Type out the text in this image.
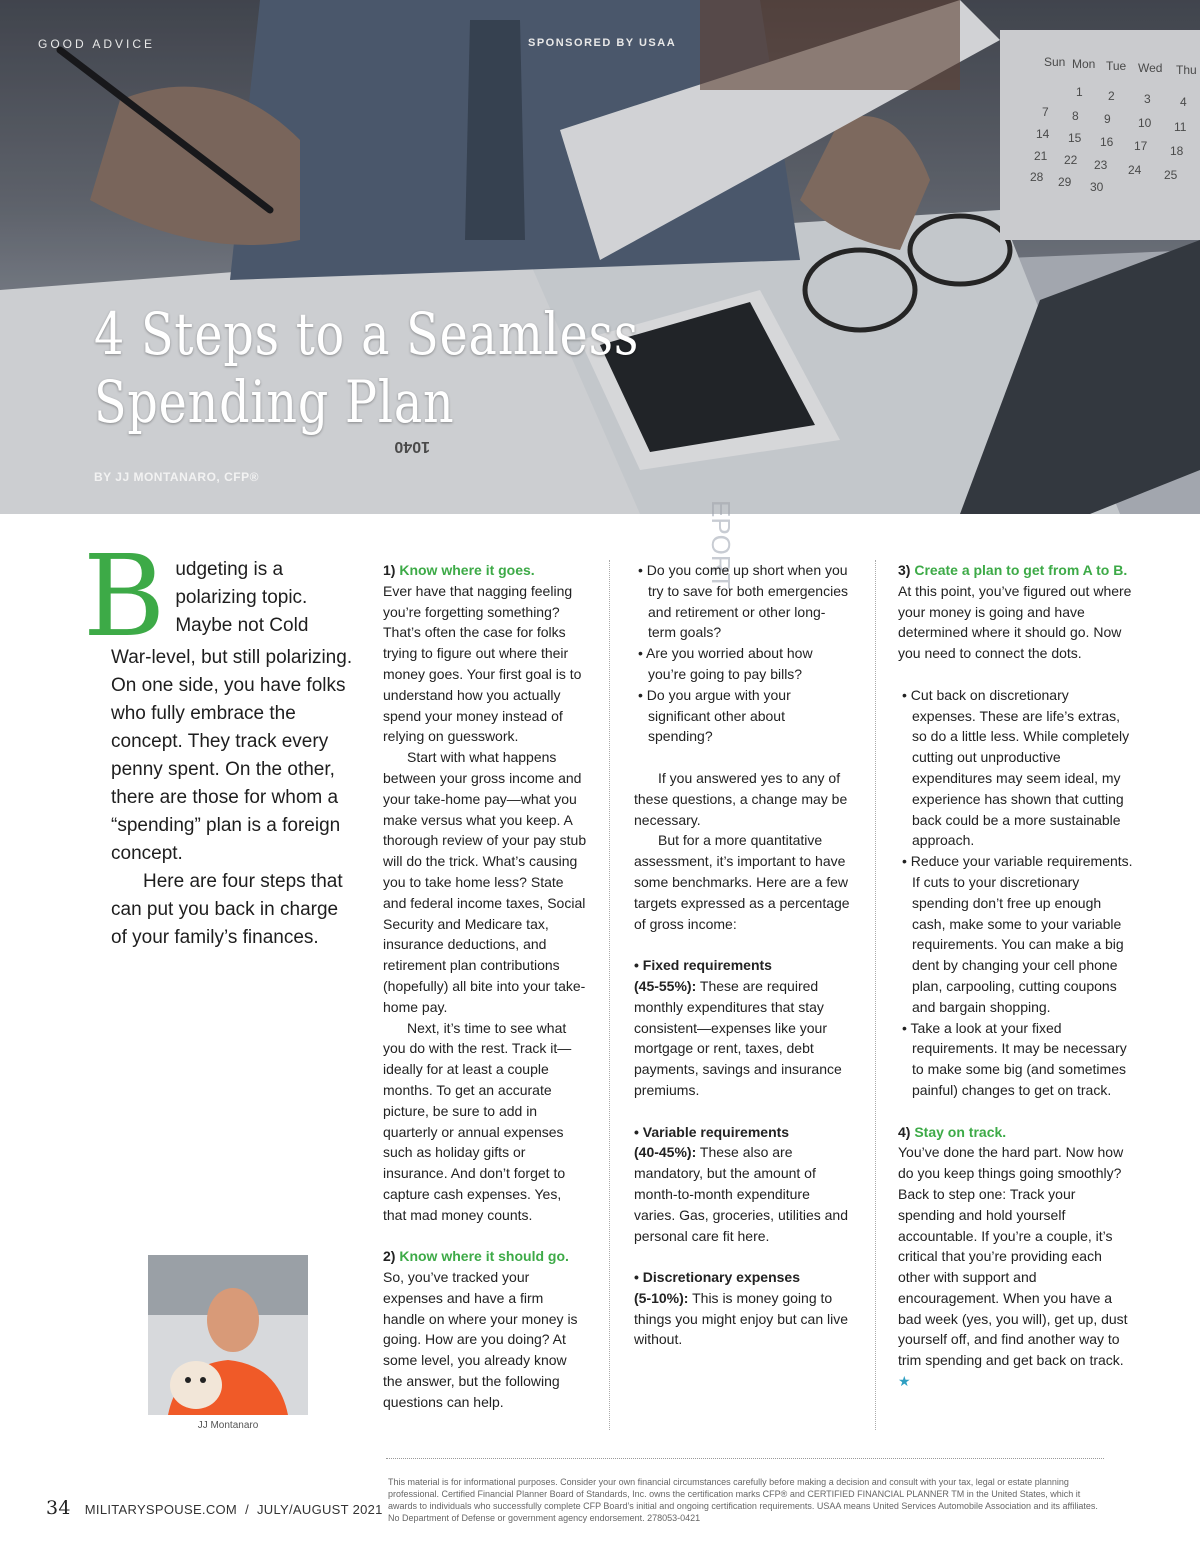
Sun Mon Tue Wed Thu
1 2 3 4
7 8 9 10 11
14 15 16 17 18
21 22 23 24 25
28 29 30
1040
EPORT
GOOD ADVICE	SPONSORED BY USAA
4 Steps to a Seamless
Spending Plan
BY JJ MONTANARO, CFP®
B udgeting is a
polarizing topic.
Maybe not Cold

War-level, but still polarizing. On one side, you have folks who fully embrace the concept. They track every penny spent. On the other, there are those for whom a “spending” plan is a foreign concept.

Here are four steps that can put you back in charge of your family’s finances.

JJ Montanaro

1) Know where it goes.

Ever have that nagging feeling you’re forgetting something? That’s often the case for folks trying to figure out where their money goes. Your first goal is to understand how you actually spend your money instead of relying on guesswork.

Start with what happens between your gross income and your take-home pay—what you make versus what you keep. A thorough review of your pay stub will do the trick. What’s causing you to take home less? State and federal income taxes, Social Security and Medicare tax, insurance deductions, and retirement plan contributions (hopefully) all bite into your take-home pay.

Next, it’s time to see what you do with the rest. Track it—ideally for at least a couple months. To get an accurate picture, be sure to add in quarterly or annual expenses such as holiday gifts or insurance. And don’t forget to capture cash expenses. Yes, that mad money counts.

2) Know where it should go.

So, you’ve tracked your expenses and have a firm handle on where your money is going. How are you doing? At some level, you already know the answer, but the following questions can help.

• Do you come up short when you try to save for both emergencies and retirement or other long-term goals?

• Are you worried about how you’re going to pay bills?

• Do you argue with your significant other about spending?

If you answered yes to any of these questions, a change may be necessary.

But for a more quantitative assessment, it’s important to have some benchmarks. Here are a few targets expressed as a percentage of gross income:

• Fixed requirements
(45-55%): These are required monthly expenditures that stay consistent—expenses like your mortgage or rent, taxes, debt payments, savings and insurance premiums.

• Variable requirements
(40-45%): These also are mandatory, but the amount of month-to-month expenditure varies. Gas, groceries, utilities and personal care fit here.

• Discretionary expenses
(5-10%): This is money going to things you might enjoy but can live without.

3) Create a plan to get from A to B.

At this point, you’ve figured out where your money is going and have determined where it should go. Now you need to connect the dots.

• Cut back on discretionary expenses. These are life’s extras, so do a little less. While completely cutting out unproductive expenditures may seem ideal, my experience has shown that cutting back could be a more sustainable approach.

• Reduce your variable requirements. If cuts to your discretionary spending don’t free up enough cash, make some to your variable requirements. You can make a big dent by changing your cell phone plan, carpooling, cutting coupons and bargain shopping.

• Take a look at your fixed requirements. It may be necessary to make some big (and sometimes painful) changes to get on track.

4) Stay on track.

You’ve done the hard part. Now how do you keep things going smoothly? Back to step one: Track your spending and hold yourself accountable. If you’re a couple, it’s critical that you’re providing each other with support and encouragement. When you have a bad week (yes, you will), get up, dust yourself off, and find another way to trim spending and get back on track. ★

This material is for informational purposes. Consider your own financial circumstances carefully before making a decision and consult with your tax, legal or estate planning professional. Certified Financial Planner Board of Standards, Inc. owns the certification marks CFP® and CERTIFIED FINANCIAL PLANNER TM in the United States, which it awards to individuals who successfully complete CFP Board’s initial and ongoing certification requirements. USAA means United Services Automobile Association and its affiliates. No Department of Defense or government agency endorsement. 278053-0421
34 MILITARYSPOUSE.COM / JULY/AUGUST 2021
